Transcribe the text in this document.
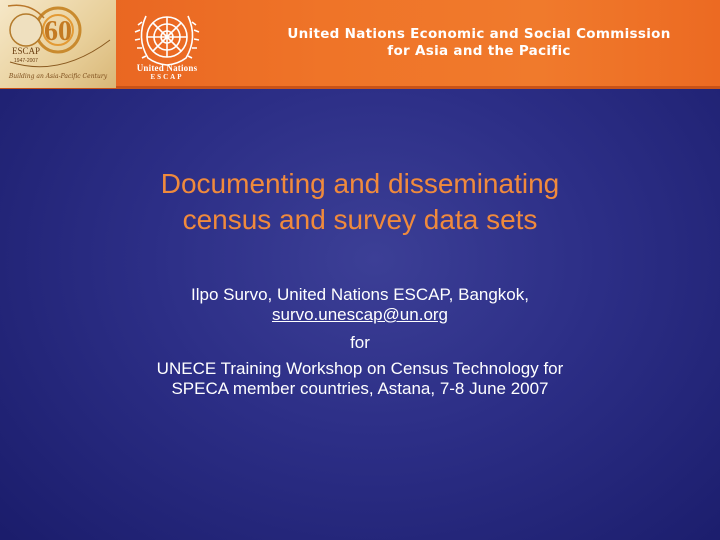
ESCAP
1947-2007
60
Building an Asia-Pacific Century
United Nations
ESCAP
United Nations Economic and Social Commission
for Asia and the Pacific
Documenting and disseminating
census and survey data sets

Ilpo Survo, United Nations ESCAP, Bangkok,

survo.unescap@un.org
for

UNECE Training Workshop on Census Technology for

SPECA member countries, Astana, 7-8 June 2007
